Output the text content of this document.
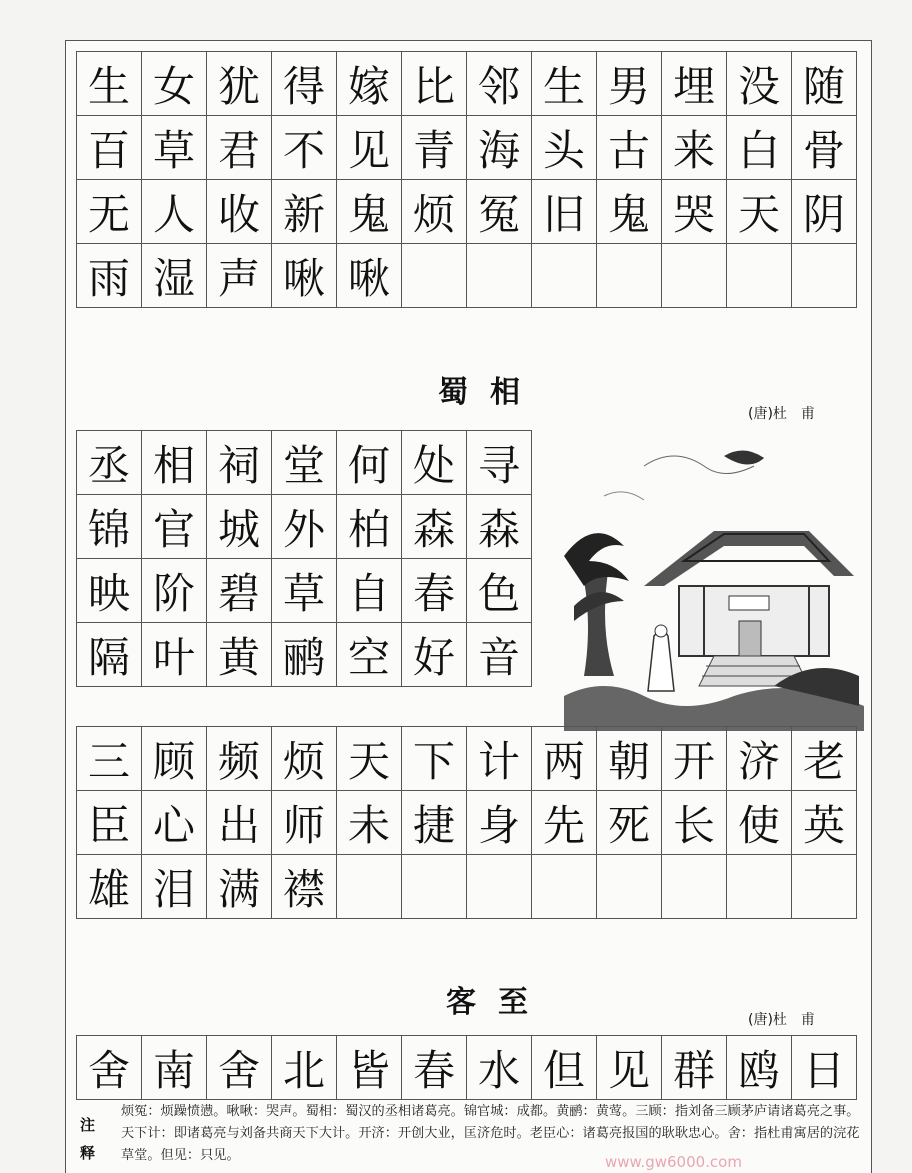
生 女 犹 得 嫁 比 邻 生 男 埋 没 随
百 草 君 不 见 青 海 头 古 来 白 骨
无 人 收 新 鬼 烦 冤 旧 鬼 哭 天 阴
雨 湿 声 啾 啾
蜀相
(唐)杜　甫
丞 相 祠 堂 何 处 寻
锦 官 城 外 柏 森 森
映 阶 碧 草 自 春 色
隔 叶 黄 鹂 空 好 音
三 顾 频 烦 天 下 计 两 朝 开 济 老
臣 心 出 师 未 捷 身 先 死 长 使 英
雄 泪 满 襟
客至	(唐)杜　甫
舍 南 舍 北 皆 春 水 但 见 群 鸥 日
注释
烦冤：烦躁愤懑。啾啾：哭声。蜀相：蜀汉的丞相诸葛亮。锦官城：成都。黄鹂：黄莺。三顾：指刘备三顾茅庐请诸葛亮之事。天下计：即诸葛亮与刘备共商天下大计。开济：开创大业，匡济危时。老臣心：诸葛亮报国的耿耿忠心。舍：指杜甫寓居的浣花草堂。但见：只见。	www.gw6000.com
